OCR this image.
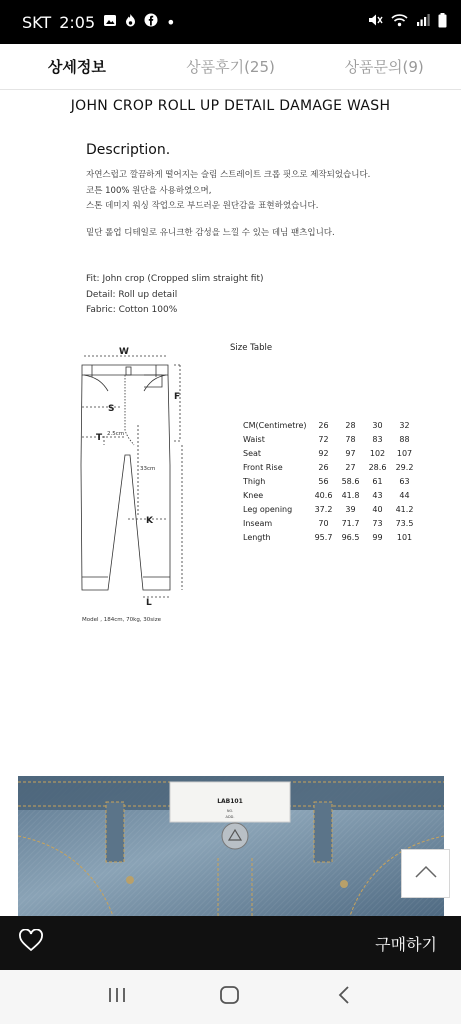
SKT 2:05	•
상세정보	상품후기(25)	상품문의(9)
JOHN CROP ROLL UP DETAIL DAMAGE WASH
Description.
자연스럽고 깔끔하게 떨어지는 슬림 스트레이트 크롭 핏으로 제작되었습니다.
코튼 100% 원단을 사용하였으며,
스톤 데미지 워싱 작업으로 부드러운 원단감을 표현하였습니다.
밑단 롤업 디테일로 유니크한 감성을 느낄 수 있는 데님 팬츠입니다.
Fit: John crop (Cropped slim straight fit)
Detail: Roll up detail
Fabric: Cotton 100%
W
S
T
F
K
L
2.5cm
33cm
Model , 184cm, 70kg, 30size
Size Table
CM(Centimetre)	26	28	30	32
Waist	72	78	83	88
Seat	92	97	102	107
Front Rise	26	27	28.6	29.2
Thigh	56	58.6	61	63
Knee	40.6	41.8	43	44
Leg opening	37.2	39	40	41.2
Inseam	70	71.7	73	73.5
Length	95.7	96.5	99	101
LAB101
NO.
ADD.
구매하기
